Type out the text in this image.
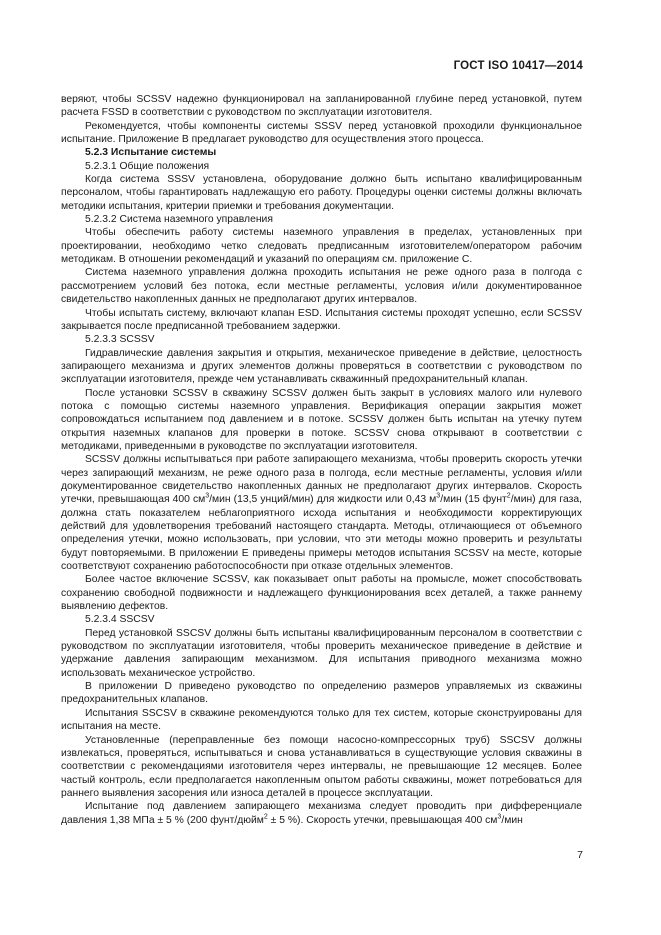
ГОСТ ISO 10417—2014

веряют, чтобы SCSSV надежно функционировал на запланированной глубине перед установкой, путем расчета FSSD в соответствии с руководством по эксплуатации изготовителя.

Рекомендуется, чтобы компоненты системы SSSV перед установкой проходили функциональное испытание. Приложение В предлагает руководство для осуществления этого процесса.

5.2.3 Испытание системы

5.2.3.1 Общие положения

Когда система SSSV установлена, оборудование должно быть испытано квалифицированным персоналом, чтобы гарантировать надлежащую его работу. Процедуры оценки системы должны включать методики испытания, критерии приемки и требования документации.

5.2.3.2 Система наземного управления

Чтобы обеспечить работу системы наземного управления в пределах, установленных при проектировании, необходимо четко следовать предписанным изготовителем/оператором рабочим методикам. В отношении рекомендаций и указаний по операциям см. приложение С.

Система наземного управления должна проходить испытания не реже одного раза в полгода с рассмотрением условий без потока, если местные регламенты, условия и/или документированное свидетельство накопленных данных не предполагают других интервалов.

Чтобы испытать систему, включают клапан ESD. Испытания системы проходят успешно, если SCSSV закрывается после предписанной требованием задержки.

5.2.3.3 SCSSV

Гидравлические давления закрытия и открытия, механическое приведение в действие, целостность запирающего механизма и других элементов должны проверяться в соответствии с руководством по эксплуатации изготовителя, прежде чем устанавливать скважинный предохранительный клапан.

После установки SCSSV в скважину SCSSV должен быть закрыт в условиях малого или нулевого потока с помощью системы наземного управления. Верификация операции закрытия может сопровождаться испытанием под давлением и в потоке. SCSSV должен быть испытан на утечку путем открытия наземных клапанов для проверки в потоке. SCSSV снова открывают в соответствии с методиками, приведенными в руководстве по эксплуатации изготовителя.

SCSSV должны испытываться при работе запирающего механизма, чтобы проверить скорость утечки через запирающий механизм, не реже одного раза в полгода, если местные регламенты, условия и/или документированное свидетельство накопленных данных не предполагают других интервалов. Скорость утечки, превышающая 400 $см^3$/мин (13,5 унций/мин) для жидкости или 0,43 $м^3$/мин (15 фунт$^2$/мин) для газа, должна стать показателем неблагоприятного исхода испытания и необходимости корректирующих действий для удовлетворения требований настоящего стандарта. Методы, отличающиеся от объемного определения утечки, можно использовать, при условии, что эти методы можно проверить и результаты будут повторяемыми. В приложении Е приведены примеры методов испытания SCSSV на месте, которые соответствуют сохранению работоспособности при отказе отдельных элементов.

Более частое включение SCSSV, как показывает опыт работы на промысле, может способствовать сохранению свободной подвижности и надлежащего функционирования всех деталей, а также раннему выявлению дефектов.

5.2.3.4 SSCSV

Перед установкой SSCSV должны быть испытаны квалифицированным персоналом в соответствии с руководством по эксплуатации изготовителя, чтобы проверить механическое приведение в действие и удержание давления запирающим механизмом. Для испытания приводного механизма можно использовать механическое устройство.

В приложении D приведено руководство по определению размеров управляемых из скважины предохранительных клапанов.

Испытания SSCSV в скважине рекомендуются только для тех систем, которые сконструированы для испытания на месте.

Установленные (переправленные без помощи насосно-компрессорных труб) SSCSV должны извлекаться, проверяться, испытываться и снова устанавливаться в существующие условия скважины в соответствии с рекомендациями изготовителя через интервалы, не превышающие 12 месяцев. Более частый контроль, если предполагается накопленным опытом работы скважины, может потребоваться для раннего выявления засорения или износа деталей в процессе эксплуатации.

Испытание под давлением запирающего механизма следует проводить при дифференциале давления 1,38 МПа ± 5 % (200 фунт/дюйм$^2$ ± 5 %). Скорость утечки, превышающая 400 $см^3$/мин

7
